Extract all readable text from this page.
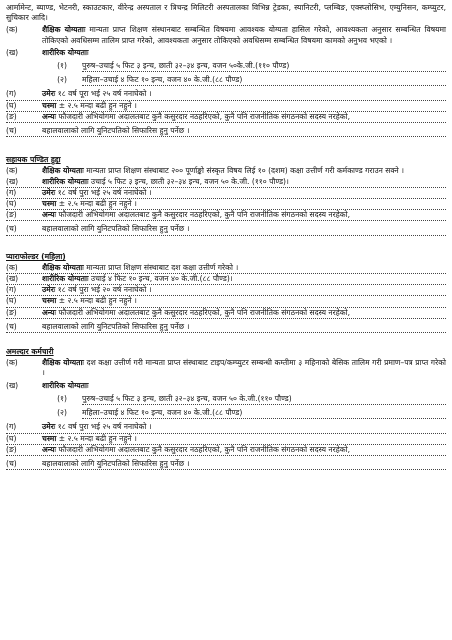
आर्मामेन्ट, ब्याण्ड, भेटनरी, स्काउटकार, वीरेन्द्र अस्पताल र त्रिचन्द्र मिलिटरी अस्पतालका विभिन्न ट्रेडका, स्यानिटरी, प्लम्बिङ, एक्स्प्लोसिभ, एम्युनिसन, कम्प्युटर, सुचिकार आदि।
(क)	शैक्षिक योग्यताः मान्यता प्राप्त शिक्षण संस्थानबाट सम्बन्धित विषयमा आवश्यक योग्यता हासिल गरेको, आवश्यकता अनुसार सम्बन्धित विषयमा तोकिएको अवधिसम्म तालिम प्राप्त गरेको, आवश्यकता अनुसार तोकिएको अवधिसम्म सम्बन्धित विषयमा कामको अनुभव भएको ।
(ख)	शारीरिक योग्यताः
(१)	पुरुष–उचाई ५ फिट ३ इन्च, छाती ३२–३४ इन्च, वजन ५०के.जी.(११० पौण्ड)
(२)	महिला–उचाई ४ फिट १० इन्च, वजन ४० के.जी.(८८ पौण्ड)
(ग)	उमेरः १८ वर्ष पूरा भई २५ वर्ष ननाघेको ।
(घ)	चस्मा ± २.५ मन्दा बढी हुन नहुने ।
(ङ)	अन्यः फौजदारी अभियोगमा अदालतबाट कुनै कसुरदार नठहरिएको, कुनै पनि राजनीतिक संगठनको सदस्य नरहेको,
(च)	बहालवालाको लागि युनिटपतिको सिफारिस हुनु पर्नेछ ।
सहायक पण्डित हुद्दा
(क)	शैक्षिक योग्यताः मान्यता प्राप्त शिक्षण संस्थाबाट २०० पूर्णाङ्को संस्कृत विषय लिई १० (दशम) कक्षा उत्तीर्ण गरी कर्मकाण्ड गराउन सक्ने ।
(ख)	शारीरिक योग्यताः उचाई ५ फिट ३ इन्च, छाती ३२–३४ इन्च, वजन ५० के.जी. (११० पौण्ड)।
(ग)	उमेरः १८ वर्ष पुरा भई २५ वर्ष ननाघेको ।
(घ)	चस्मा ± २.५ मन्दा बढी हुन नहुने ।
(ङ)	अन्यः फौजदारी अभियोगमा अदालतबाट कुनै कसुरदार नठहरिएको, कुनै पनि राजनीतिक संगठनको सदस्य नरहेको,
(च)	बहालवालाको लागि युनिटपतिको सिफारिस हुनु पर्नेछ ।
प्याराफोल्डर (महिला)
(क)	शैक्षिक योग्यताः मान्यता प्राप्त शिक्षण संस्थाबाट दश कक्षा उत्तीर्ण गरेको ।
(ख)	शारीरिक योग्यताः उचाई ४ फिट १० इन्च, वजन ४० के.जी.(८८ पौण्ड)।
(ग)	उमेरः १८ वर्ष पुरा भई २० वर्ष ननाघेको ।
(घ)	चस्मा ± २.५ मन्दा बढी हुन नहुने ।
(ङ)	अन्यः फौजदारी अभियोगमा अदालतबाट कुनै कसुरदार नठहरिएको, कुनै पनि राजनीतिक संगठनको सदस्य नरहेको,
(च)	बहालवालाको लागि युनिटपतिको सिफारिस हुनु पर्नेछ ।
अमल्दार कर्मचारी
(क)	शैक्षिक योग्यताः दश कक्षा उत्तीर्ण गरी मान्यता प्राप्त संस्थाबाट टाइप/कम्प्युटर सम्बन्धी कम्तीमा ३ महिनाको बेसिक तालिम गरी प्रमाण–पत्र प्राप्त गरेको ।
(ख)	शारीरिक योग्यताः
(१)	पुरुष–उचाई ५ फिट ३ इन्च, छाती ३२–३४ इन्च, वजन ५० के.जी.(११० पौण्ड)
(२)	महिला–उचाई ४ फिट १० इन्च, वजन ४० के.जी.(८८ पौण्ड)
(ग)	उमेरः १८ वर्ष पुरा भई २५ वर्ष ननाघेको ।
(घ)	चस्मा ± २.५ मन्दा बढी हुन नहुने ।
(ङ)	अन्यः फौजदारी अभियोगमा अदालतबाट कुनै कसुरदार नठहरिएको, कुनै पनि राजनीतिक संगठनको सदस्य नरहेको,
(च)	बहालवालाको लागि युनिटपतिको सिफारिस हुनु पर्नेछ ।
